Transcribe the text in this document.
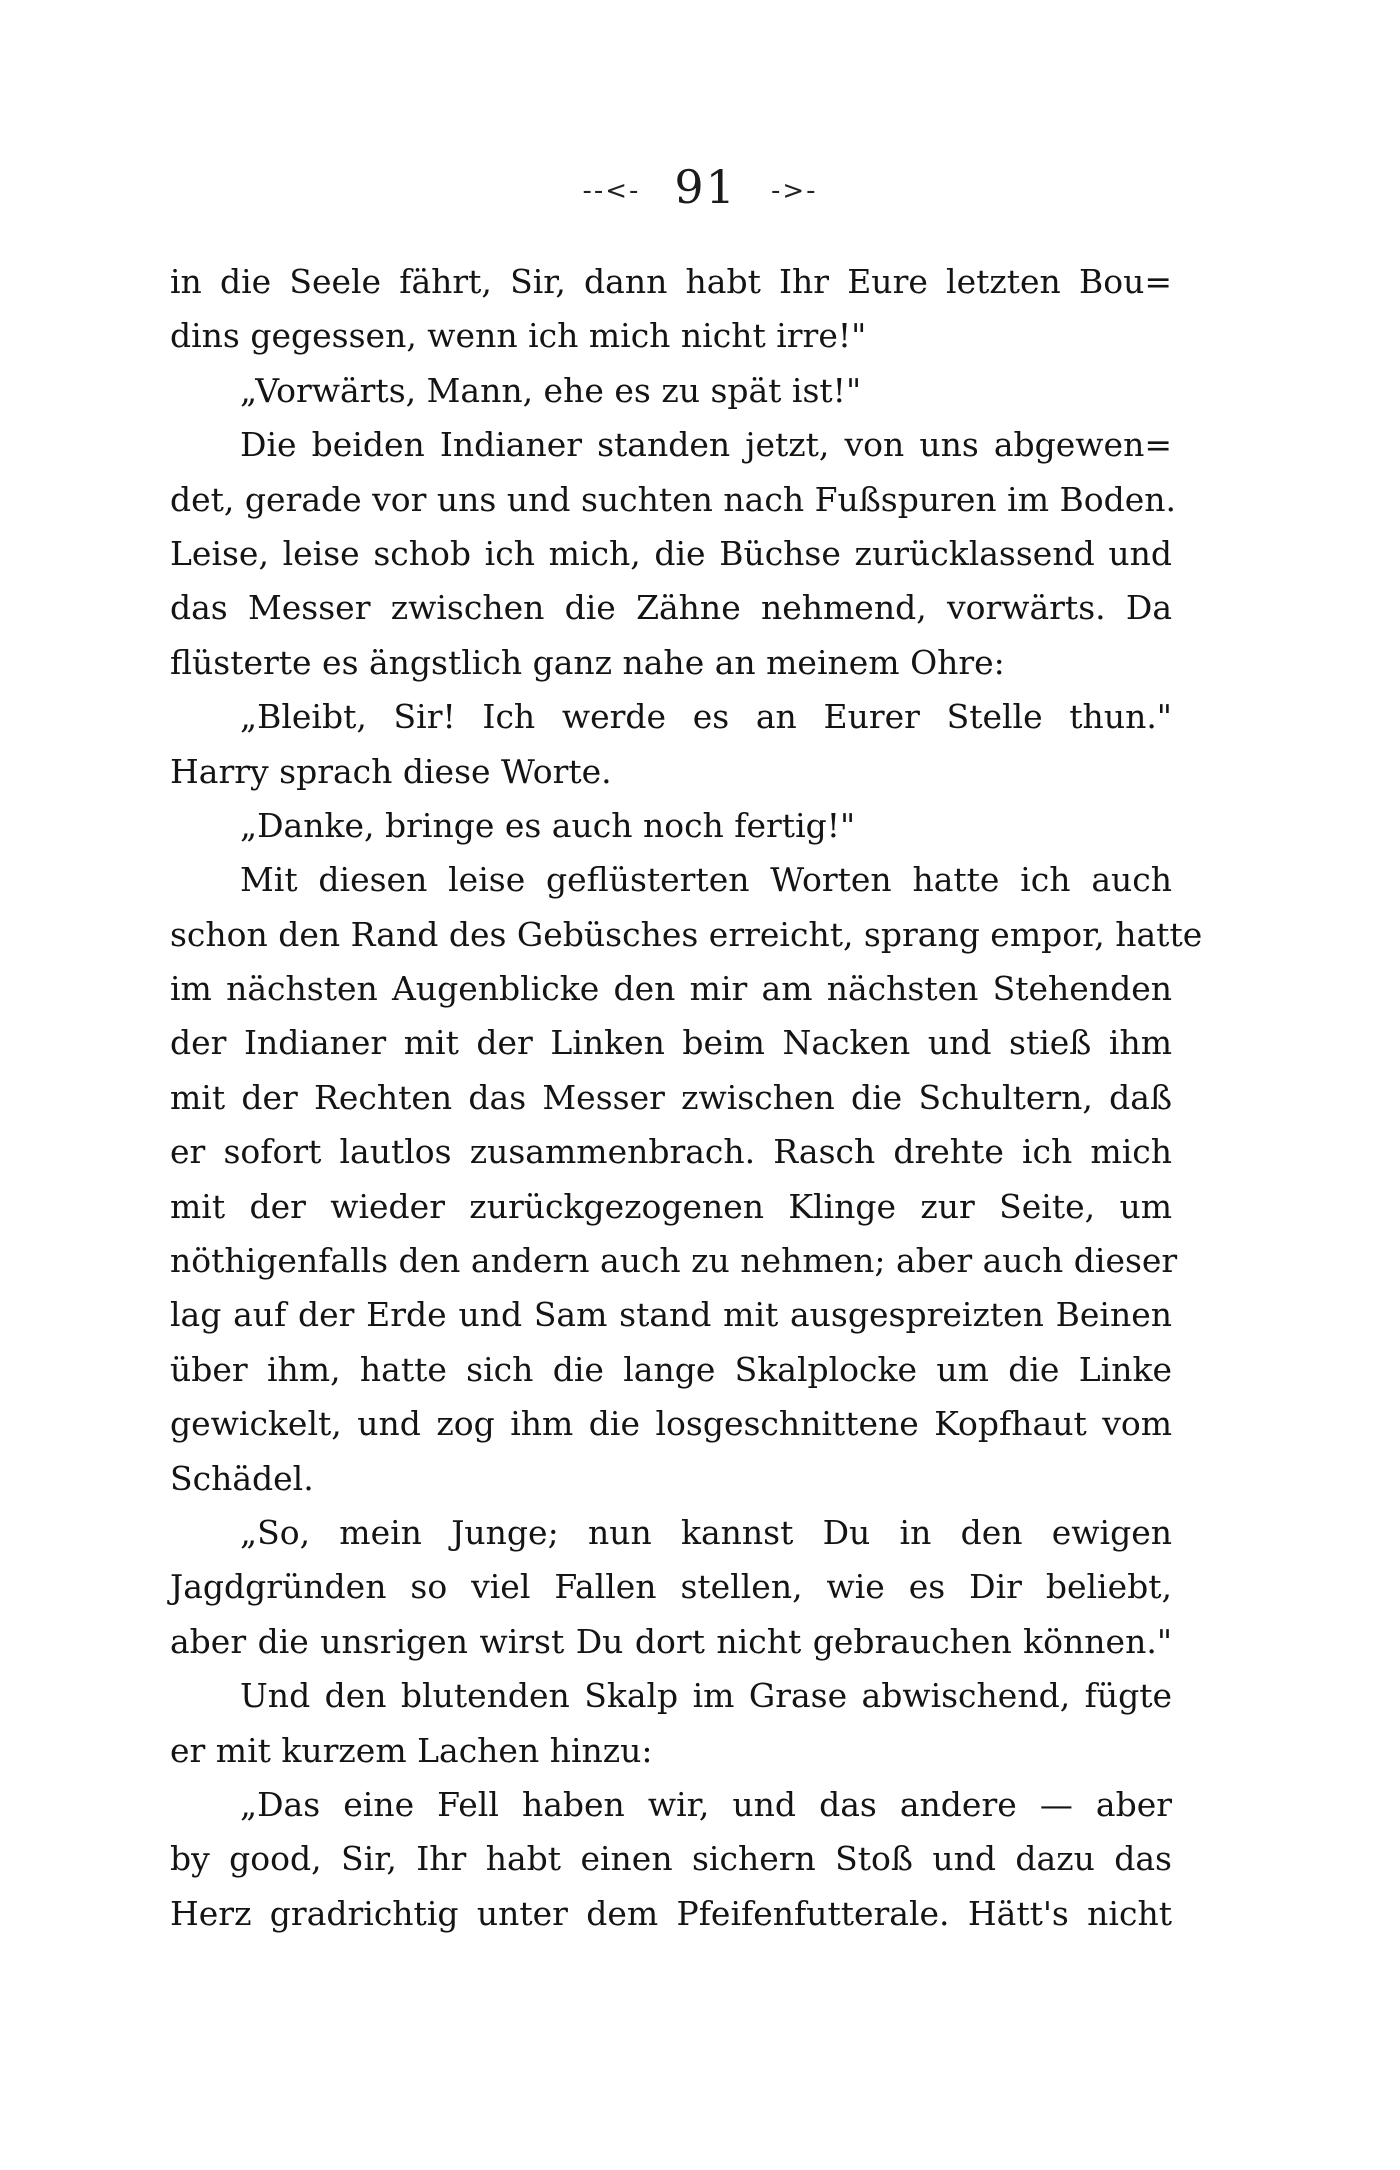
--<- 91 ->-
in die Seele fährt, Sir, dann habt Ihr Eure letzten Bou=
dins gegessen, wenn ich mich nicht irre!"
„Vorwärts, Mann, ehe es zu spät ist!"
Die beiden Indianer standen jetzt, von uns abgewen=
det, gerade vor uns und suchten nach Fußspuren im Boden.
Leise, leise schob ich mich, die Büchse zurücklassend und
das Messer zwischen die Zähne nehmend, vorwärts. Da
flüsterte es ängstlich ganz nahe an meinem Ohre:
„Bleibt, Sir! Ich werde es an Eurer Stelle thun."
Harry sprach diese Worte.
„Danke, bringe es auch noch fertig!"
Mit diesen leise geflüsterten Worten hatte ich auch
schon den Rand des Gebüsches erreicht, sprang empor, hatte
im nächsten Augenblicke den mir am nächsten Stehenden
der Indianer mit der Linken beim Nacken und stieß ihm
mit der Rechten das Messer zwischen die Schultern, daß
er sofort lautlos zusammenbrach. Rasch drehte ich mich
mit der wieder zurückgezogenen Klinge zur Seite, um
nöthigenfalls den andern auch zu nehmen; aber auch dieser
lag auf der Erde und Sam stand mit ausgespreizten Beinen
über ihm, hatte sich die lange Skalplocke um die Linke
gewickelt, und zog ihm die losgeschnittene Kopfhaut vom
Schädel.
„So, mein Junge; nun kannst Du in den ewigen
Jagdgründen so viel Fallen stellen, wie es Dir beliebt,
aber die unsrigen wirst Du dort nicht gebrauchen können."
Und den blutenden Skalp im Grase abwischend, fügte
er mit kurzem Lachen hinzu:
„Das eine Fell haben wir, und das andere — aber
by good, Sir, Ihr habt einen sichern Stoß und dazu das
Herz gradrichtig unter dem Pfeifenfutterale. Hätt's nicht
